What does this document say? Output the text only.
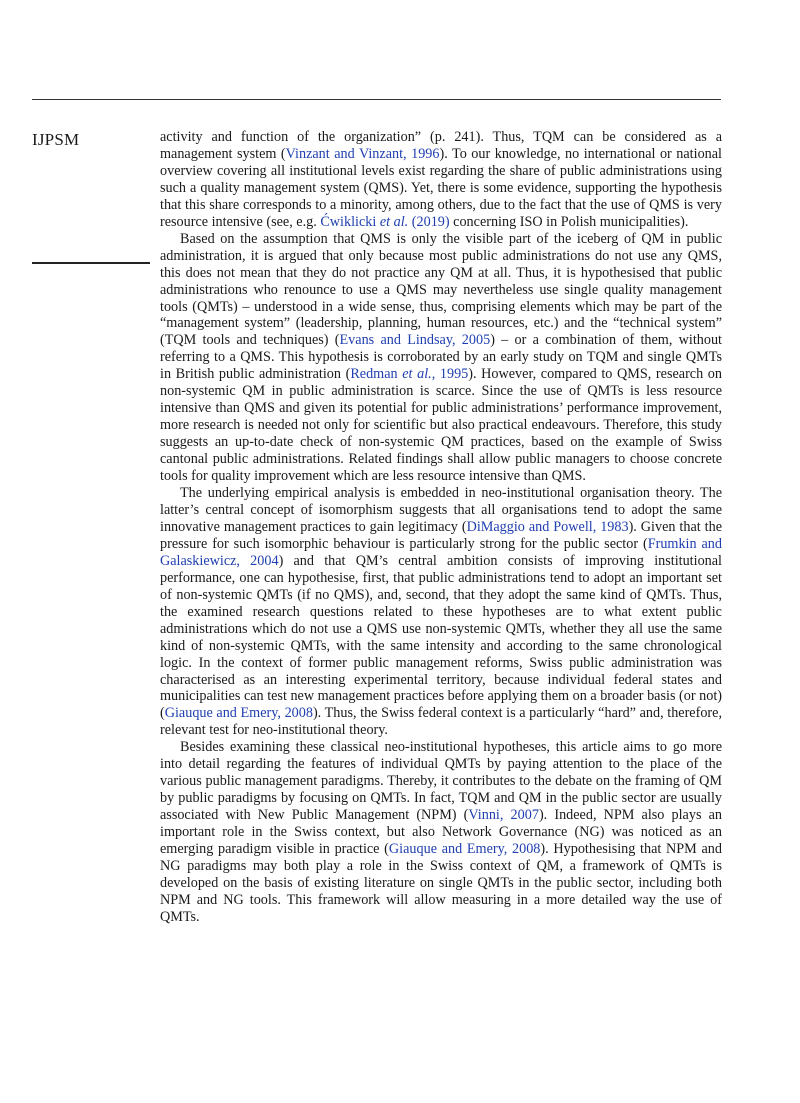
IJPSM	activity and function of the organization” (p. 241). Thus, TQM can be considered as a management system (Vinzant and Vinzant, 1996). To our knowledge, no international or national overview covering all institutional levels exist regarding the share of public administrations using such a quality management system (QMS). Yet, there is some evidence, supporting the hypothesis that this share corresponds to a minority, among others, due to the fact that the use of QMS is very resource intensive (see, e.g. Ćwiklicki et al. (2019) concerning ISO in Polish municipalities).

Based on the assumption that QMS is only the visible part of the iceberg of QM in public administration, it is argued that only because most public administrations do not use any QMS, this does not mean that they do not practice any QM at all. Thus, it is hypothesised that public administrations who renounce to use a QMS may nevertheless use single quality management tools (QMTs) – understood in a wide sense, thus, comprising elements which may be part of the “management system” (leadership, planning, human resources, etc.) and the “technical system” (TQM tools and techniques) (Evans and Lindsay, 2005) – or a combination of them, without referring to a QMS. This hypothesis is corroborated by an early study on TQM and single QMTs in British public administration (Redman et al., 1995). However, compared to QMS, research on non-systemic QM in public administration is scarce. Since the use of QMTs is less resource intensive than QMS and given its potential for public administrations’ performance improvement, more research is needed not only for scientific but also practical endeavours. Therefore, this study suggests an up-to-date check of non-systemic QM practices, based on the example of Swiss cantonal public administrations. Related findings shall allow public managers to choose concrete tools for quality improvement which are less resource intensive than QMS.

The underlying empirical analysis is embedded in neo-institutional organisation theory. The latter’s central concept of isomorphism suggests that all organisations tend to adopt the same innovative management practices to gain legitimacy (DiMaggio and Powell, 1983). Given that the pressure for such isomorphic behaviour is particularly strong for the public sector (Frumkin and Galaskiewicz, 2004) and that QM’s central ambition consists of improving institutional performance, one can hypothesise, first, that public administrations tend to adopt an important set of non-systemic QMTs (if no QMS), and, second, that they adopt the same kind of QMTs. Thus, the examined research questions related to these hypotheses are to what extent public administrations which do not use a QMS use non-systemic QMTs, whether they all use the same kind of non-systemic QMTs, with the same intensity and according to the same chronological logic. In the context of former public management reforms, Swiss public administration was characterised as an interesting experimental territory, because individual federal states and municipalities can test new management practices before applying them on a broader basis (or not) (Giauque and Emery, 2008). Thus, the Swiss federal context is a particularly “hard” and, therefore, relevant test for neo-institutional theory.

Besides examining these classical neo-institutional hypotheses, this article aims to go more into detail regarding the features of individual QMTs by paying attention to the place of the various public management paradigms. Thereby, it contributes to the debate on the framing of QM by public paradigms by focusing on QMTs. In fact, TQM and QM in the public sector are usually associated with New Public Management (NPM) (Vinni, 2007). Indeed, NPM also plays an important role in the Swiss context, but also Network Governance (NG) was noticed as an emerging paradigm visible in practice (Giauque and Emery, 2008). Hypothesising that NPM and NG paradigms may both play a role in the Swiss context of QM, a framework of QMTs is developed on the basis of existing literature on single QMTs in the public sector, including both NPM and NG tools. This framework will allow measuring in a more detailed way the use of QMTs.
